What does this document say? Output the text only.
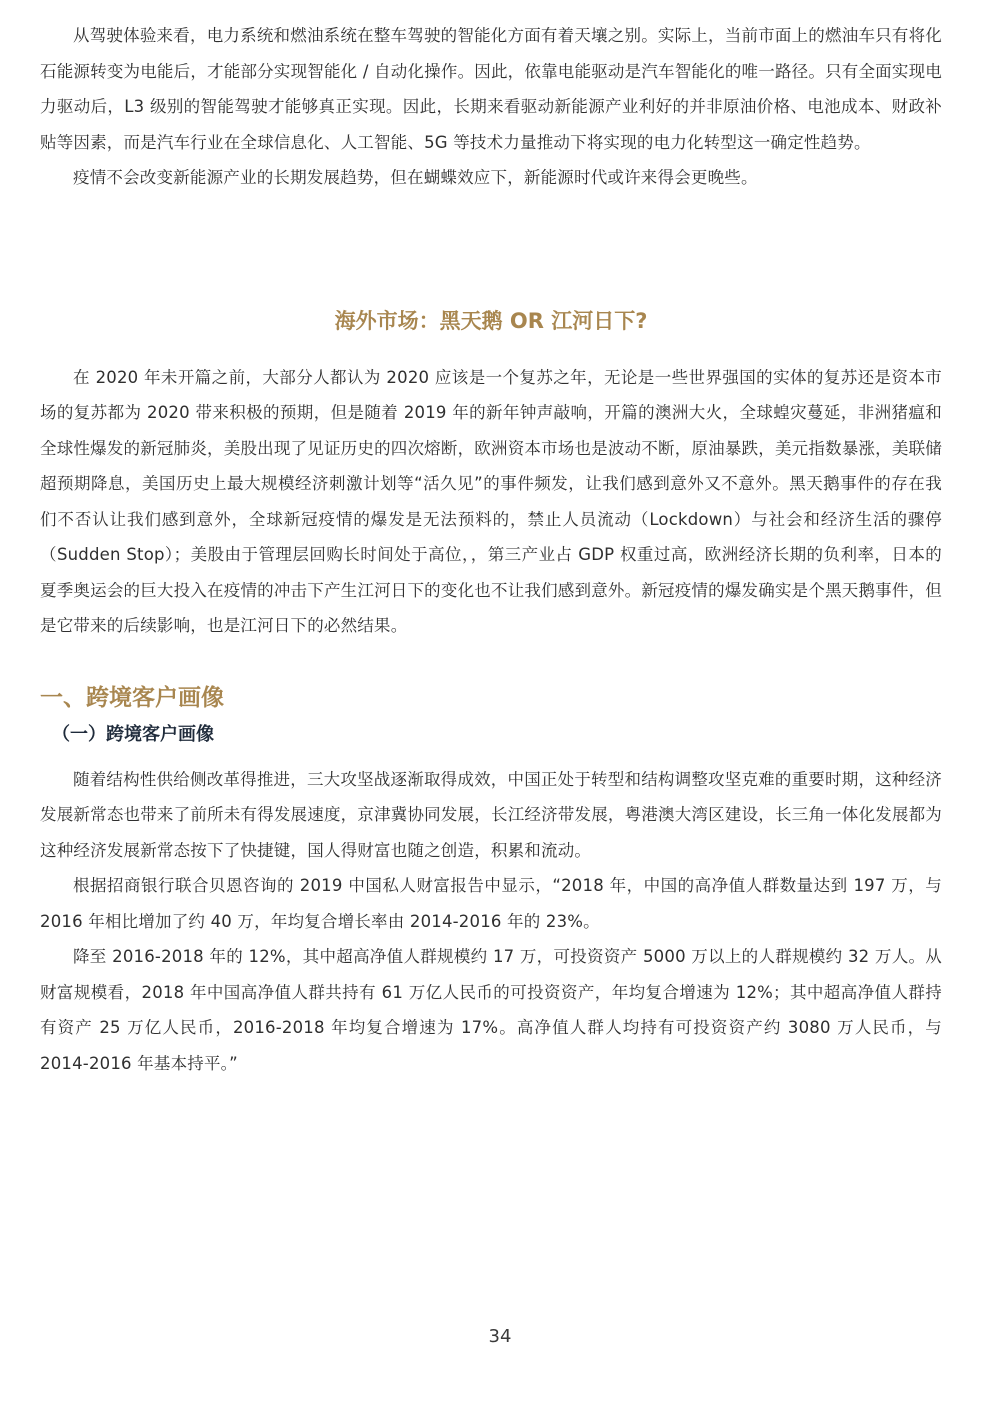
从驾驶体验来看，电力系统和燃油系统在整车驾驶的智能化方面有着天壤之别。实际上，当前市面上的燃油车只有将化石能源转变为电能后，才能部分实现智能化 / 自动化操作。因此，依靠电能驱动是汽车智能化的唯一路径。只有全面实现电力驱动后，L3 级别的智能驾驶才能够真正实现。因此，长期来看驱动新能源产业利好的并非原油价格、电池成本、财政补贴等因素，而是汽车行业在全球信息化、人工智能、5G 等技术力量推动下将实现的电力化转型这一确定性趋势。

疫情不会改变新能源产业的长期发展趋势，但在蝴蝶效应下，新能源时代或许来得会更晚些。

海外市场：黑天鹅 OR 江河日下?

在 2020 年未开篇之前，大部分人都认为 2020 应该是一个复苏之年，无论是一些世界强国的实体的复苏还是资本市场的复苏都为 2020 带来积极的预期，但是随着 2019 年的新年钟声敲响，开篇的澳洲大火，全球蝗灾蔓延，非洲猪瘟和全球性爆发的新冠肺炎，美股出现了见证历史的四次熔断，欧洲资本市场也是波动不断，原油暴跌，美元指数暴涨，美联储超预期降息，美国历史上最大规模经济刺激计划等“活久见”的事件频发，让我们感到意外又不意外。黑天鹅事件的存在我们不否认让我们感到意外，全球新冠疫情的爆发是无法预料的，禁止人员流动（Lockdown）与社会和经济生活的骤停（Sudden Stop）；美股由于管理层回购长时间处于高位，，第三产业占 GDP 权重过高，欧洲经济长期的负利率，日本的夏季奥运会的巨大投入在疫情的冲击下产生江河日下的变化也不让我们感到意外。新冠疫情的爆发确实是个黑天鹅事件，但是它带来的后续影响，也是江河日下的必然结果。

一、跨境客户画像
（一）跨境客户画像

随着结构性供给侧改革得推进，三大攻坚战逐渐取得成效，中国正处于转型和结构调整攻坚克难的重要时期，这种经济发展新常态也带来了前所未有得发展速度，京津冀协同发展，长江经济带发展，粤港澳大湾区建设，长三角一体化发展都为这种经济发展新常态按下了快捷键，国人得财富也随之创造，积累和流动。

根据招商银行联合贝恩咨询的 2019 中国私人财富报告中显示，“2018 年，中国的高净值人群数量达到 197 万，与 2016 年相比增加了约 40 万，年均复合增长率由 2014-2016 年的 23%。

降至 2016-2018 年的 12%，其中超高净值人群规模约 17 万，可投资资产 5000 万以上的人群规模约 32 万人。从财富规模看，2018 年中国高净值人群共持有 61 万亿人民币的可投资资产，年均复合增速为 12%；其中超高净值人群持有资产 25 万亿人民币，2016-2018 年均复合增速为 17%。高净值人群人均持有可投资资产约 3080 万人民币，与 2014-2016 年基本持平。”

34
